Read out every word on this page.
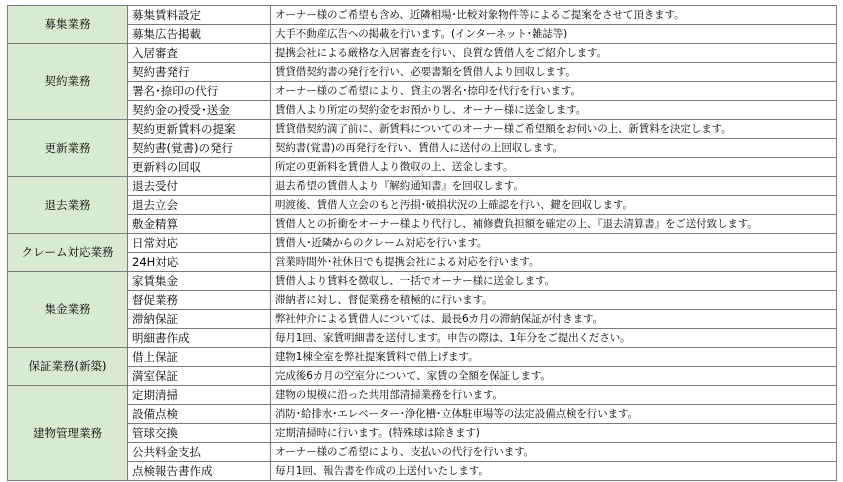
募集業務	募集賃料設定	オーナー様のご希望も含め、近隣相場･比較対象物件等によるご提案をさせて頂きます。
	募集広告掲載	大手不動産広告への掲載を行います。(インターネット･雑誌等)
契約業務	入居審査	提携会社による厳格な入居審査を行い、良質な賃借人をご紹介します。
	契約書発行	賃貸借契約書の発行を行い、必要書類を賃借人より回収します。
	署名･捺印の代行	オーナー様のご希望により、貸主の署名･捺印を代行を行います。
	契約金の授受･送金	賃借人より所定の契約金をお預かりし、オーナー様に送金します。
更新業務	契約更新賃料の提案	賃貸借契約満了前に、新賃料についてのオーナー様ご希望額をお伺いの上、新賃料を決定します。
	契約書(覚書)の発行	契約書(覚書)の再発行を行い、賃借人に送付の上回収します。
	更新料の回収	所定の更新料を賃借人より徴収の上、送金します。
退去業務	退去受付	退去希望の賃借人より『解約通知書』を回収します。
	退去立会	明渡後、賃借人立会のもと汚損･破損状況の上確認を行い、鍵を回収します。
	敷金精算	賃借人との折衝をオーナー様より代行し、補修費負担額を確定の上、『退去清算書』をご送付致します。
クレーム対応業務	日常対応	賃借人･近隣からのクレーム対応を行います。
	24H対応	営業時間外･社休日でも提携会社による対応を行います。
集金業務	家賃集金	賃借人より賃料を徴収し、一括でオーナー様に送金します。
	督促業務	滞納者に対し、督促業務を積極的に行います。
	滞納保証	弊社仲介による賃借人については、最長6カ月の滞納保証が付きます。
	明細書作成	毎月1回、家賃明細書を送付します。申告の際は、1年分をご提出ください。
保証業務(新築)	借上保証	建物1棟全室を弊社提案賃料で借上げます。
	満室保証	完成後6カ月の空室分について、家賃の全額を保証します。
建物管理業務	定期清掃	建物の規模に沿った共用部清掃業務を行います。
	設備点検	消防･給排水･エレベーター･浄化槽･立体駐車場等の法定設備点検を行います。
	管球交換	定期清掃時に行います。(特殊球は除きます)
	公共料金支払	オーナー様のご希望により、支払いの代行を行います。
	点検報告書作成	毎月1回、報告書を作成の上送付いたします。
